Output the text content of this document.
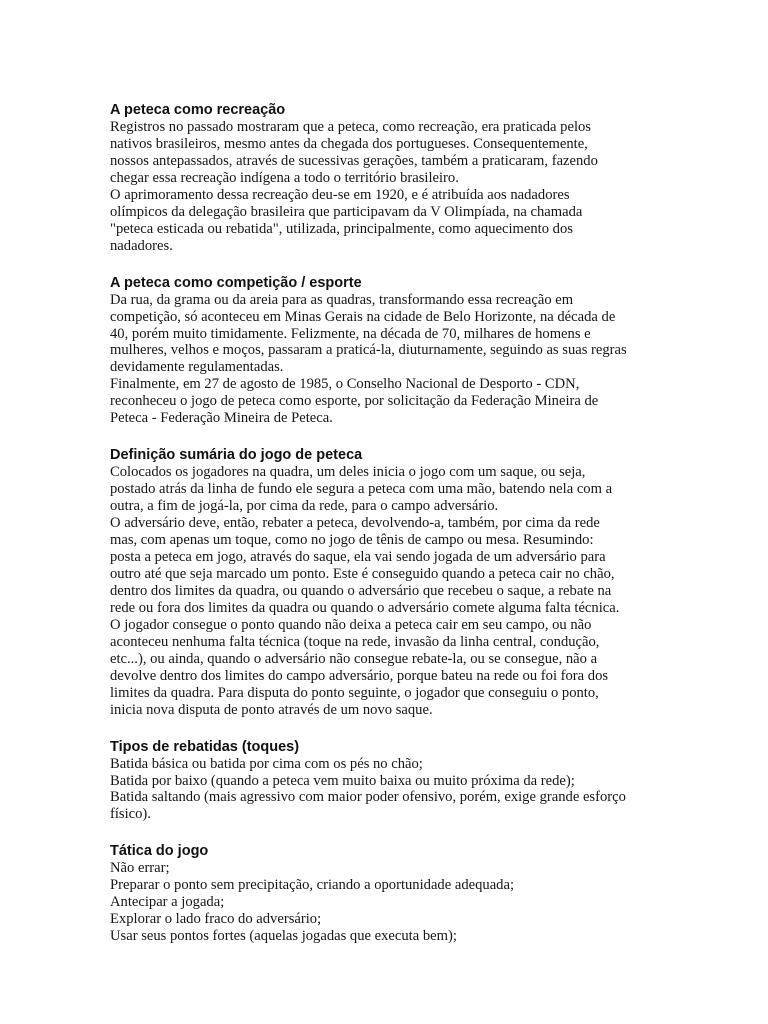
A peteca como recreação
Registros no passado mostraram que a peteca, como recreação, era praticada pelos
nativos brasileiros, mesmo antes da chegada dos portugueses. Consequentemente,
nossos antepassados, através de sucessivas gerações, também a praticaram, fazendo
chegar essa recreação indígena a todo o território brasileiro.
O aprimoramento dessa recreação deu-se em 1920, e é atribuída aos nadadores
olímpicos da delegação brasileira que participavam da V Olimpíada, na chamada
"peteca esticada ou rebatida", utilizada, principalmente, como aquecimento dos
nadadores.
A peteca como competição / esporte
Da rua, da grama ou da areia para as quadras, transformando essa recreação em
competição, só aconteceu em Minas Gerais na cidade de Belo Horizonte, na década de
40, porém muito timidamente. Felizmente, na década de 70, milhares de homens e
mulheres, velhos e moços, passaram a praticá-la, diuturnamente, seguindo as suas regras
devidamente regulamentadas.
Finalmente, em 27 de agosto de 1985, o Conselho Nacional de Desporto - CDN,
reconheceu o jogo de peteca como esporte, por solicitação da Federação Mineira de
Peteca - Federação Mineira de Peteca.
Definição sumária do jogo de peteca
Colocados os jogadores na quadra, um deles inicia o jogo com um saque, ou seja,
postado atrás da linha de fundo ele segura a peteca com uma mão, batendo nela com a
outra, a fim de jogá-la, por cima da rede, para o campo adversário.
O adversário deve, então, rebater a peteca, devolvendo-a, também, por cima da rede
mas, com apenas um toque, como no jogo de tênis de campo ou mesa. Resumindo:
posta a peteca em jogo, através do saque, ela vai sendo jogada de um adversário para
outro até que seja marcado um ponto. Este é conseguido quando a peteca cair no chão,
dentro dos limites da quadra, ou quando o adversário que recebeu o saque, a rebate na
rede ou fora dos limites da quadra ou quando o adversário comete alguma falta técnica.
O jogador consegue o ponto quando não deixa a peteca cair em seu campo, ou não
aconteceu nenhuma falta técnica (toque na rede, invasão da linha central, condução,
etc...), ou ainda, quando o adversário não consegue rebate-la, ou se consegue, não a
devolve dentro dos limites do campo adversário, porque bateu na rede ou foi fora dos
limites da quadra. Para disputa do ponto seguinte, o jogador que conseguiu o ponto,
inicia nova disputa de ponto através de um novo saque.
Tipos de rebatidas (toques)
Batida básica ou batida por cima com os pés no chão;
Batida por baixo (quando a peteca vem muito baixa ou muito próxima da rede);
Batida saltando (mais agressivo com maior poder ofensivo, porém, exige grande esforço
físico).
Tática do jogo
Não errar;
Preparar o ponto sem precipitação, criando a oportunidade adequada;
Antecipar a jogada;
Explorar o lado fraco do adversário;
Usar seus pontos fortes (aquelas jogadas que executa bem);
